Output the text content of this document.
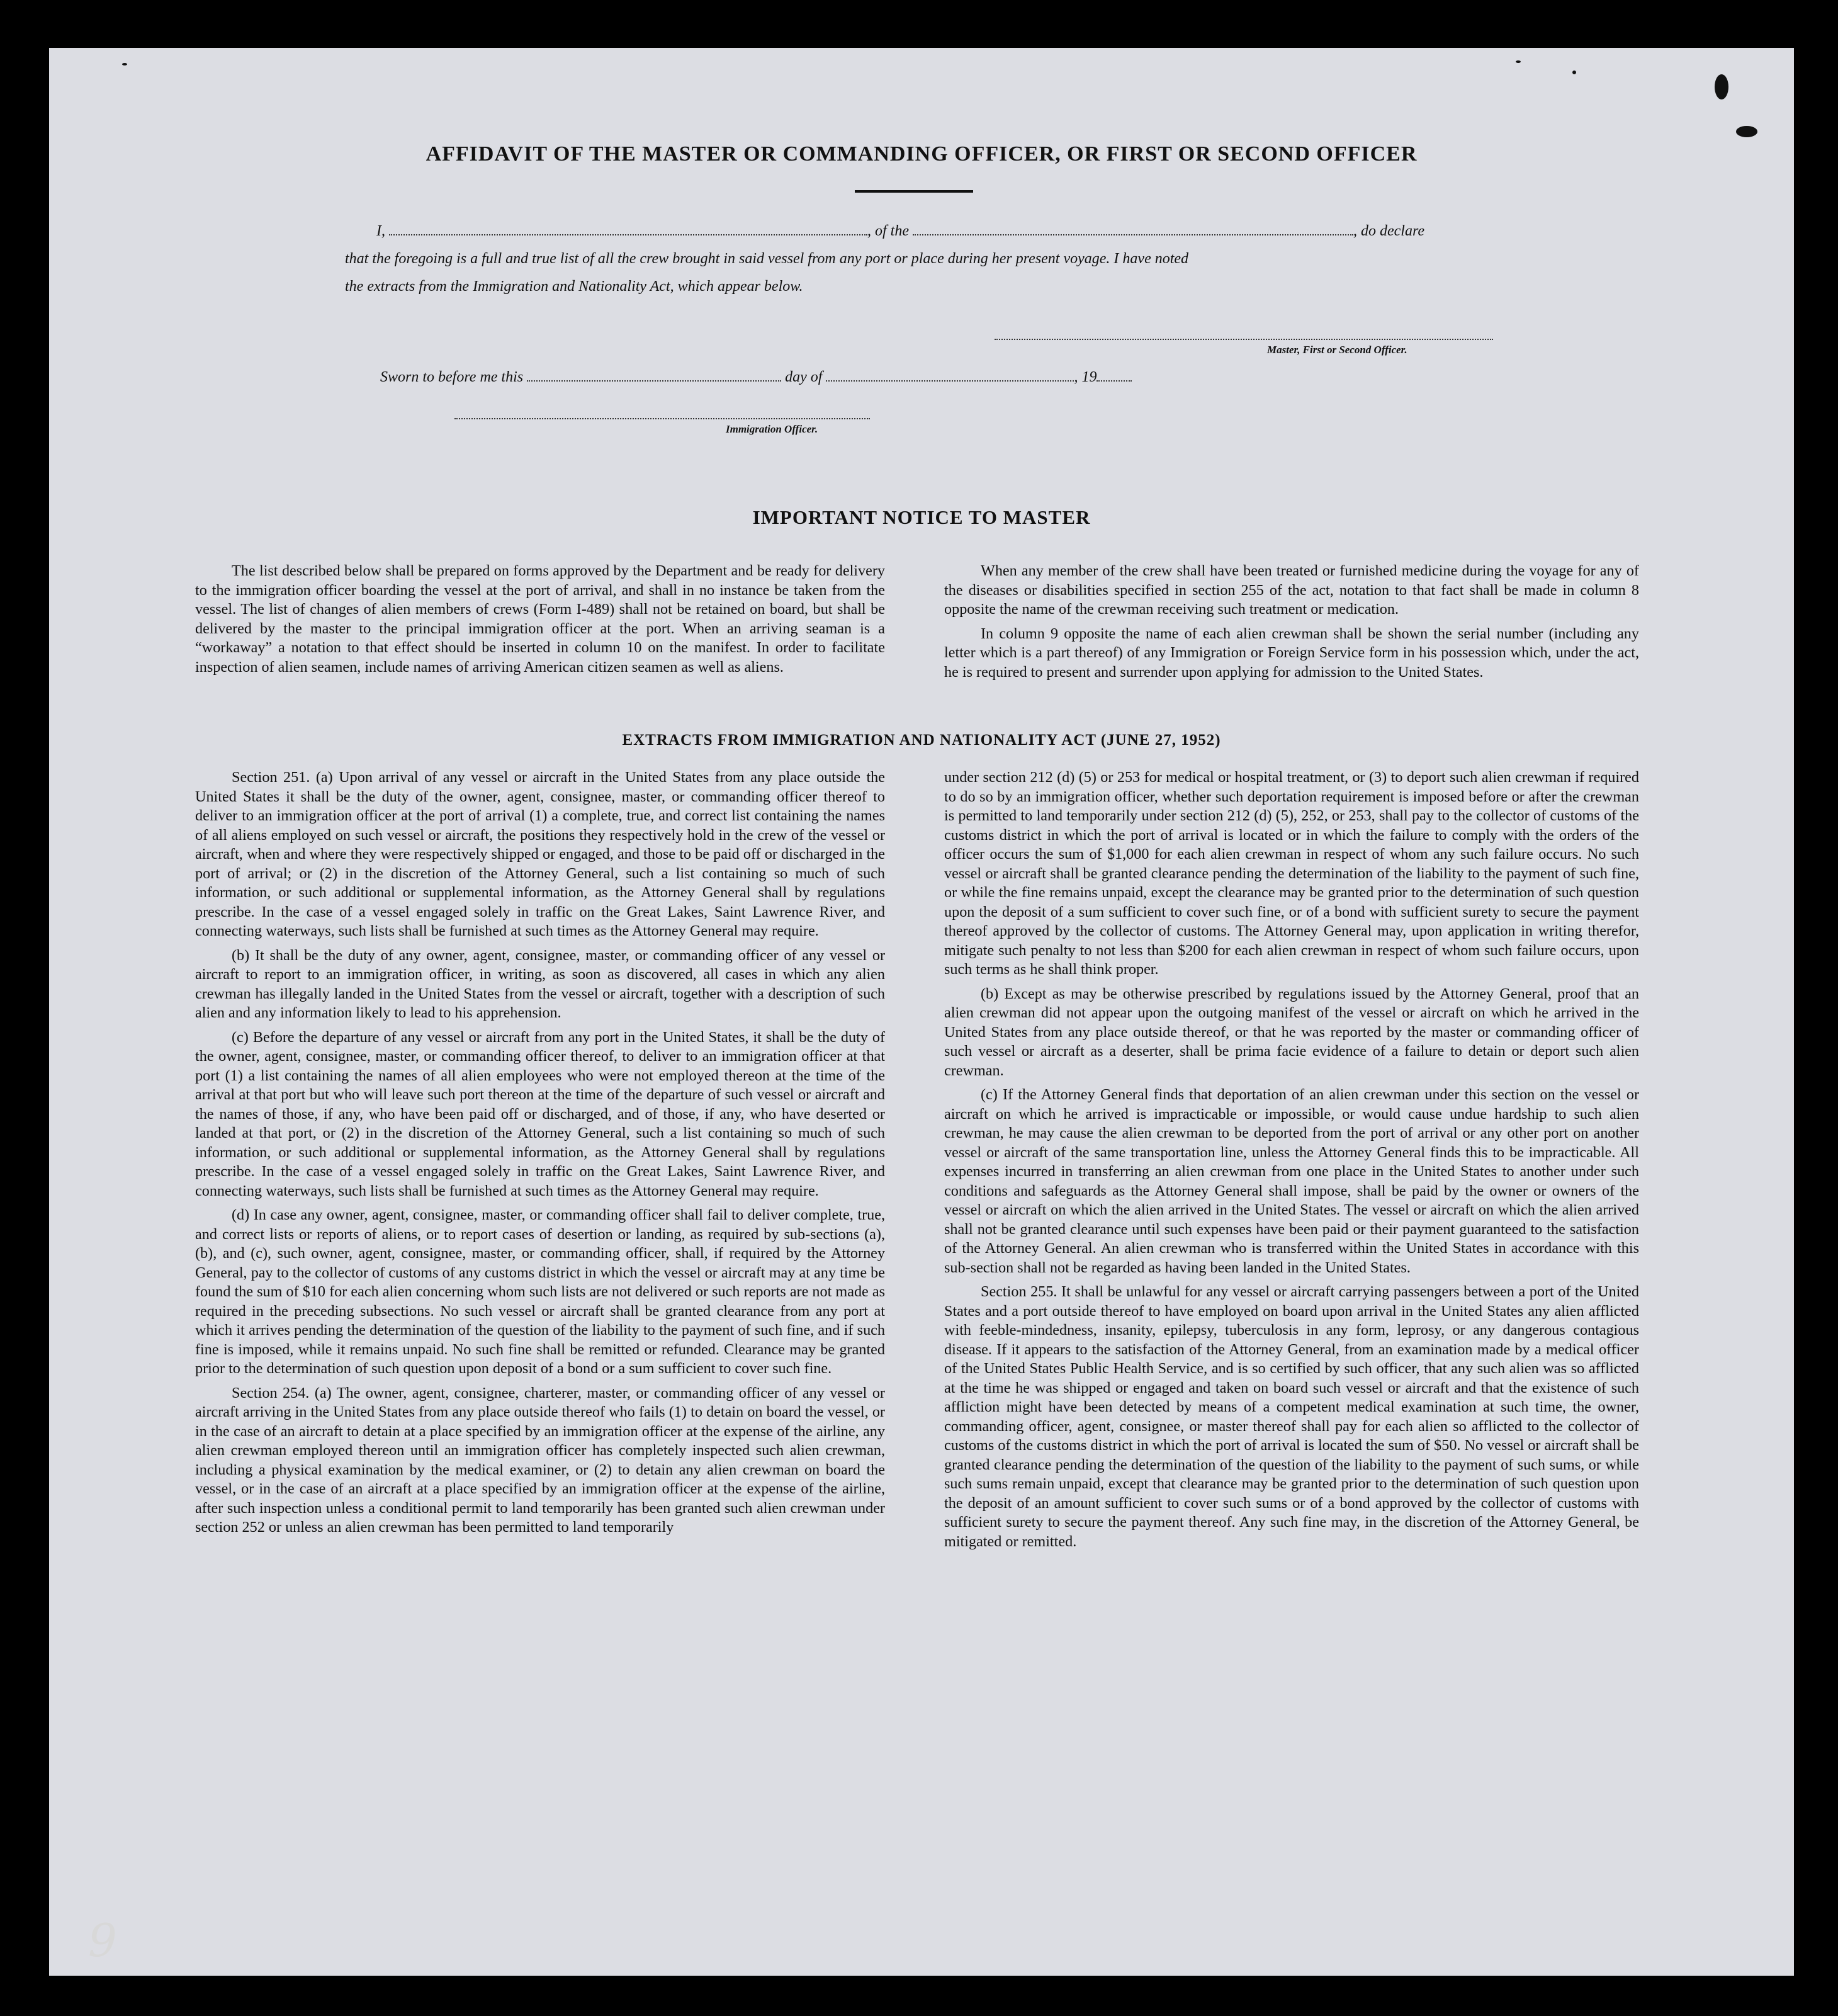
AFFIDAVIT OF THE MASTER OR COMMANDING OFFICER, OR FIRST OR SECOND OFFICER
I,	, of the	, do declare
that the foregoing is a full and true list of all the crew brought in said vessel from any port or place during her present voyage. I have noted
the extracts from the Immigration and Nationality Act, which appear below.
Master, First or Second Officer.
Sworn to before me this	day of	, 19
Immigration Officer.
IMPORTANT NOTICE TO MASTER

The list described below shall be prepared on forms approved by the Department and be ready for delivery to the immigration officer boarding the vessel at the port of arrival, and shall in no instance be taken from the vessel. The list of changes of alien members of crews (Form I-489) shall not be retained on board, but shall be delivered by the master to the principal immigration officer at the port. When an arriving seaman is a “workaway” a notation to that effect should be inserted in column 10 on the manifest. In order to facilitate inspection of alien seamen, include names of arriving American citizen seamen as well as aliens.

When any member of the crew shall have been treated or furnished medicine during the voyage for any of the diseases or disabilities specified in section 255 of the act, notation to that fact shall be made in column 8 opposite the name of the crewman receiving such treatment or medication.

In column 9 opposite the name of each alien crewman shall be shown the serial number (including any letter which is a part thereof) of any Immigration or Foreign Service form in his possession which, under the act, he is required to present and surrender upon applying for admission to the United States.

EXTRACTS FROM IMMIGRATION AND NATIONALITY ACT (JUNE 27, 1952)

Section 251. (a) Upon arrival of any vessel or aircraft in the United States from any place outside the United States it shall be the duty of the owner, agent, consignee, master, or commanding officer thereof to deliver to an immigration officer at the port of arrival (1) a complete, true, and correct list containing the names of all aliens employed on such vessel or aircraft, the positions they respectively hold in the crew of the vessel or aircraft, when and where they were respectively shipped or engaged, and those to be paid off or discharged in the port of arrival; or (2) in the discretion of the Attorney General, such a list containing so much of such information, or such additional or supplemental information, as the Attorney General shall by regulations prescribe. In the case of a vessel engaged solely in traffic on the Great Lakes, Saint Lawrence River, and connecting waterways, such lists shall be furnished at such times as the Attorney General may require.

(b) It shall be the duty of any owner, agent, consignee, master, or commanding officer of any vessel or aircraft to report to an immigration officer, in writing, as soon as discovered, all cases in which any alien crewman has illegally landed in the United States from the vessel or aircraft, together with a description of such alien and any information likely to lead to his apprehension.

(c) Before the departure of any vessel or aircraft from any port in the United States, it shall be the duty of the owner, agent, consignee, master, or commanding officer thereof, to deliver to an immigration officer at that port (1) a list containing the names of all alien employees who were not employed thereon at the time of the arrival at that port but who will leave such port thereon at the time of the departure of such vessel or aircraft and the names of those, if any, who have been paid off or discharged, and of those, if any, who have deserted or landed at that port, or (2) in the discretion of the Attorney General, such a list containing so much of such information, or such additional or supplemental information, as the Attorney General shall by regulations prescribe. In the case of a vessel engaged solely in traffic on the Great Lakes, Saint Lawrence River, and connecting waterways, such lists shall be furnished at such times as the Attorney General may require.

(d) In case any owner, agent, consignee, master, or commanding officer shall fail to deliver complete, true, and correct lists or reports of aliens, or to report cases of desertion or landing, as required by sub-sections (a), (b), and (c), such owner, agent, consignee, master, or commanding officer, shall, if required by the Attorney General, pay to the collector of customs of any customs district in which the vessel or aircraft may at any time be found the sum of $10 for each alien concerning whom such lists are not delivered or such reports are not made as required in the preceding subsections. No such vessel or aircraft shall be granted clearance from any port at which it arrives pending the determination of the question of the liability to the payment of such fine, and if such fine is imposed, while it remains unpaid. No such fine shall be remitted or refunded. Clearance may be granted prior to the determination of such question upon deposit of a bond or a sum sufficient to cover such fine.

Section 254. (a) The owner, agent, consignee, charterer, master, or commanding officer of any vessel or aircraft arriving in the United States from any place outside thereof who fails (1) to detain on board the vessel, or in the case of an aircraft to detain at a place specified by an immigration officer at the expense of the airline, any alien crewman employed thereon until an immigration officer has completely inspected such alien crewman, including a physical examination by the medical examiner, or (2) to detain any alien crewman on board the vessel, or in the case of an aircraft at a place specified by an immigration officer at the expense of the airline, after such inspection unless a conditional permit to land temporarily has been granted such alien crewman under section 252 or unless an alien crewman has been permitted to land temporarily

under section 212 (d) (5) or 253 for medical or hospital treatment, or (3) to deport such alien crewman if required to do so by an immigration officer, whether such deportation requirement is imposed before or after the crewman is permitted to land temporarily under section 212 (d) (5), 252, or 253, shall pay to the collector of customs of the customs district in which the port of arrival is located or in which the failure to comply with the orders of the officer occurs the sum of $1,000 for each alien crewman in respect of whom any such failure occurs. No such vessel or aircraft shall be granted clearance pending the determination of the liability to the payment of such fine, or while the fine remains unpaid, except the clearance may be granted prior to the determination of such question upon the deposit of a sum sufficient to cover such fine, or of a bond with sufficient surety to secure the payment thereof approved by the collector of customs. The Attorney General may, upon application in writing therefor, mitigate such penalty to not less than $200 for each alien crewman in respect of whom such failure occurs, upon such terms as he shall think proper.

(b) Except as may be otherwise prescribed by regulations issued by the Attorney General, proof that an alien crewman did not appear upon the outgoing manifest of the vessel or aircraft on which he arrived in the United States from any place outside thereof, or that he was reported by the master or commanding officer of such vessel or aircraft as a deserter, shall be prima facie evidence of a failure to detain or deport such alien crewman.

(c) If the Attorney General finds that deportation of an alien crewman under this section on the vessel or aircraft on which he arrived is impracticable or impossible, or would cause undue hardship to such alien crewman, he may cause the alien crewman to be deported from the port of arrival or any other port on another vessel or aircraft of the same transportation line, unless the Attorney General finds this to be impracticable. All expenses incurred in transferring an alien crewman from one place in the United States to another under such conditions and safeguards as the Attorney General shall impose, shall be paid by the owner or owners of the vessel or aircraft on which the alien arrived in the United States. The vessel or aircraft on which the alien arrived shall not be granted clearance until such expenses have been paid or their payment guaranteed to the satisfaction of the Attorney General. An alien crewman who is transferred within the United States in accordance with this sub-section shall not be regarded as having been landed in the United States.

Section 255. It shall be unlawful for any vessel or aircraft carrying passengers between a port of the United States and a port outside thereof to have employed on board upon arrival in the United States any alien afflicted with feeble-mindedness, insanity, epilepsy, tuberculosis in any form, leprosy, or any dangerous contagious disease. If it appears to the satisfaction of the Attorney General, from an examination made by a medical officer of the United States Public Health Service, and is so certified by such officer, that any such alien was so afflicted at the time he was shipped or engaged and taken on board such vessel or aircraft and that the existence of such affliction might have been detected by means of a competent medical examination at such time, the owner, commanding officer, agent, consignee, or master thereof shall pay for each alien so afflicted to the collector of customs of the customs district in which the port of arrival is located the sum of $50. No vessel or aircraft shall be granted clearance pending the determination of the question of the liability to the payment of such sums, or while such sums remain unpaid, except that clearance may be granted prior to the determination of such question upon the deposit of an amount sufficient to cover such sums or of a bond approved by the collector of customs with sufficient surety to secure the payment thereof. Any such fine may, in the discretion of the Attorney General, be mitigated or remitted.

9
